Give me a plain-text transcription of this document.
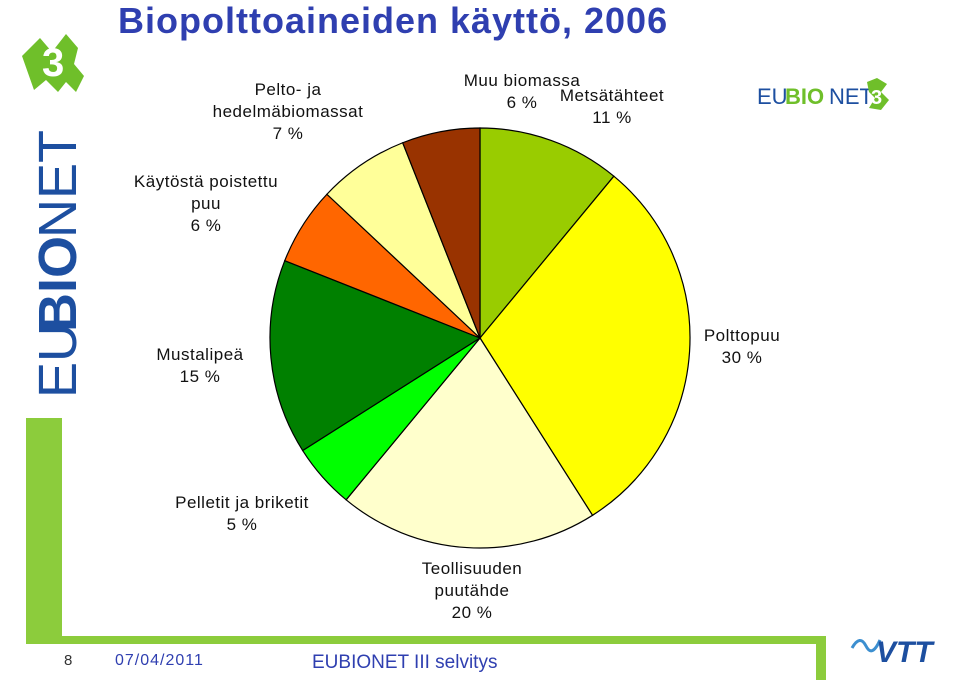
Biopolttoaineiden käyttö, 2006
EU
BIO
NET
3
8	07/04/2011	EUBIONET III selvitys
EU
BIO NET
3
VTT
Metsätähteet 11 %
Polttopuu 30 %
Teollisuuden puutähde 20 %
Pelletit ja briketit 5 %
Mustalipeä 15 %
Käytöstä poistettu puu 6 %
Pelto- ja hedelmäbiomassat 7 %
Muu biomassa 6 %
